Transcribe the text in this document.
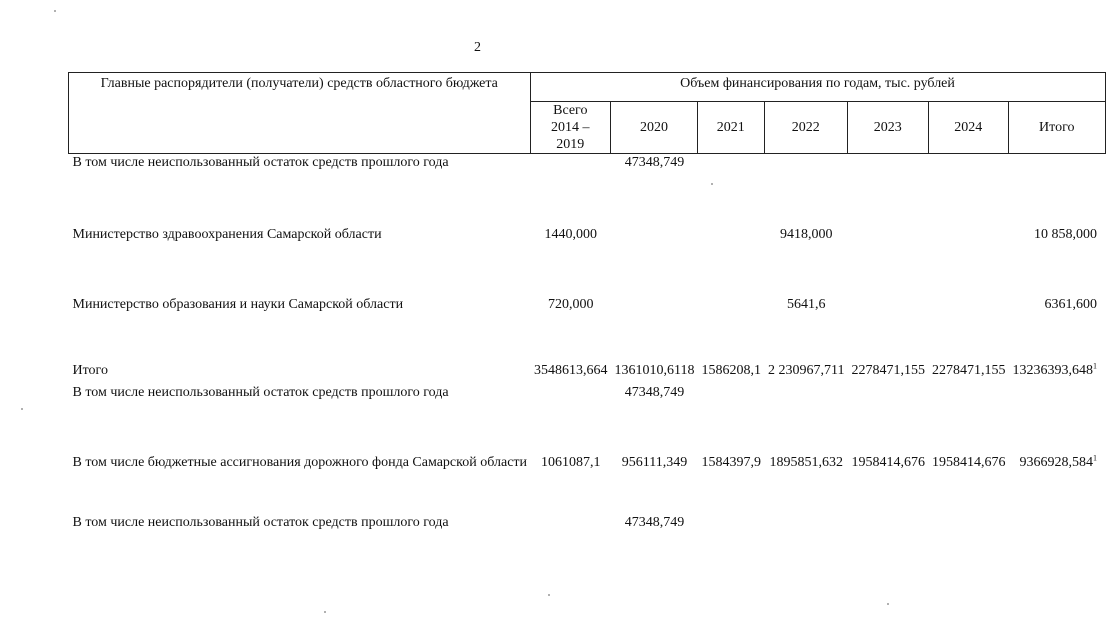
2
Главные распорядители (получатели) средств областного бюджета	Объем финансирования по годам, тыс. рублей						
	Всего 2014 – 2019	2020	2021	2022	2023	2024	Итого
В том числе неиспользованный остаток средств прошлого года		47348,749					
Министерство здравоохранения Самарской области	1440,000			9418,000			10 858,000
Министерство образования и науки Самарской области	720,000			5641,6			6361,600
Итого	3548613,664	1361010,6118	1586208,1	2 230967,711	2278471,155	2278471,155	13236393,648$^1$
В том числе неиспользованный остаток средств прошлого года		47348,749					
В том числе бюджетные ассигнования дорожного фонда Самарской области	1061087,1	956111,349	1584397,9	1895851,632	1958414,676	1958414,676	9366928,584$^1$
В том числе неиспользованный остаток средств прошлого года		47348,749					
